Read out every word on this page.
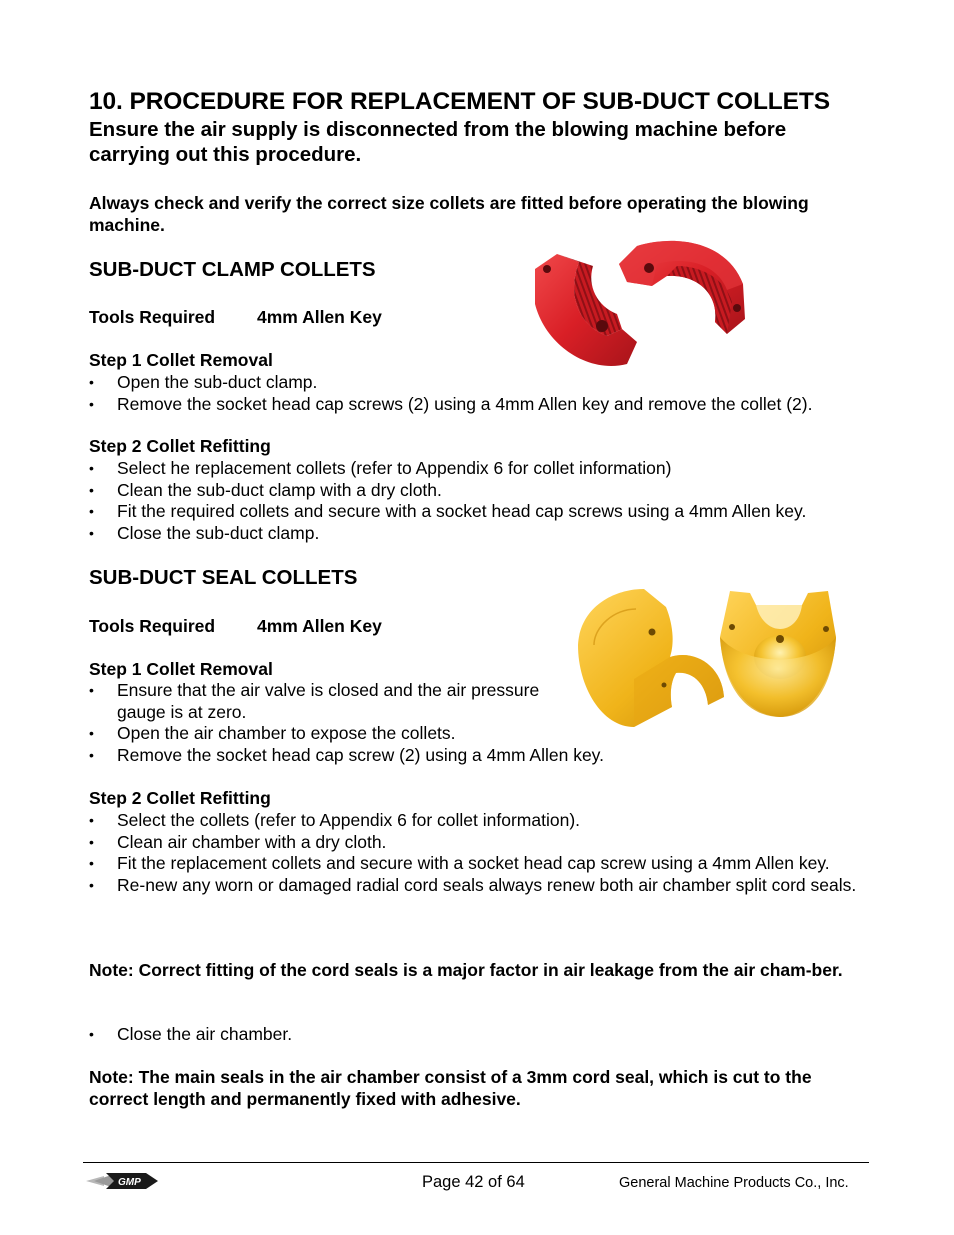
10. PROCEDURE FOR REPLACEMENT OF SUB-DUCT COLLETS

Ensure the air supply is disconnected from the blowing machine before carrying out this procedure.

Always check and verify the correct size collets are fitted before operating the blowing machine.

SUB-DUCT CLAMP COLLETS
Tools Required 4mm Allen Key
Step 1 Collet Removal
• Open the sub-duct clamp.
• Remove the socket head cap screws (2) using a 4mm Allen key and remove the collet (2).
Step 2 Collet Refitting
• Select he replacement collets (refer to Appendix 6 for collet information)
• Clean the sub-duct clamp with a dry cloth.
• Fit the required collets and secure with a socket head cap screws using a 4mm Allen key.
• Close the sub-duct clamp.
SUB-DUCT SEAL COLLETS
Tools Required 4mm Allen Key
Step 1 Collet Removal
• Ensure that the air valve is closed and the air pressure gauge is at zero.
• Open the air chamber to expose the collets.
• Remove the socket head cap screw (2) using a 4mm Allen key.
Step 2 Collet Refitting
• Select the collets (refer to Appendix 6 for collet information).
• Clean air chamber with a dry cloth.
• Fit the replacement collets and secure with a socket head cap screw using a 4mm Allen key.
• Re-new any worn or damaged radial cord seals always renew both air chamber split cord seals.

Note: Correct fitting of the cord seals is a major factor in air leakage from the air cham-ber.

• Close the air chamber.

Note: The main seals in the air chamber consist of a 3mm cord seal, which is cut to the correct length and permanently fixed with adhesive.

GMP	Page 42 of 64	General Machine Products Co., Inc.
